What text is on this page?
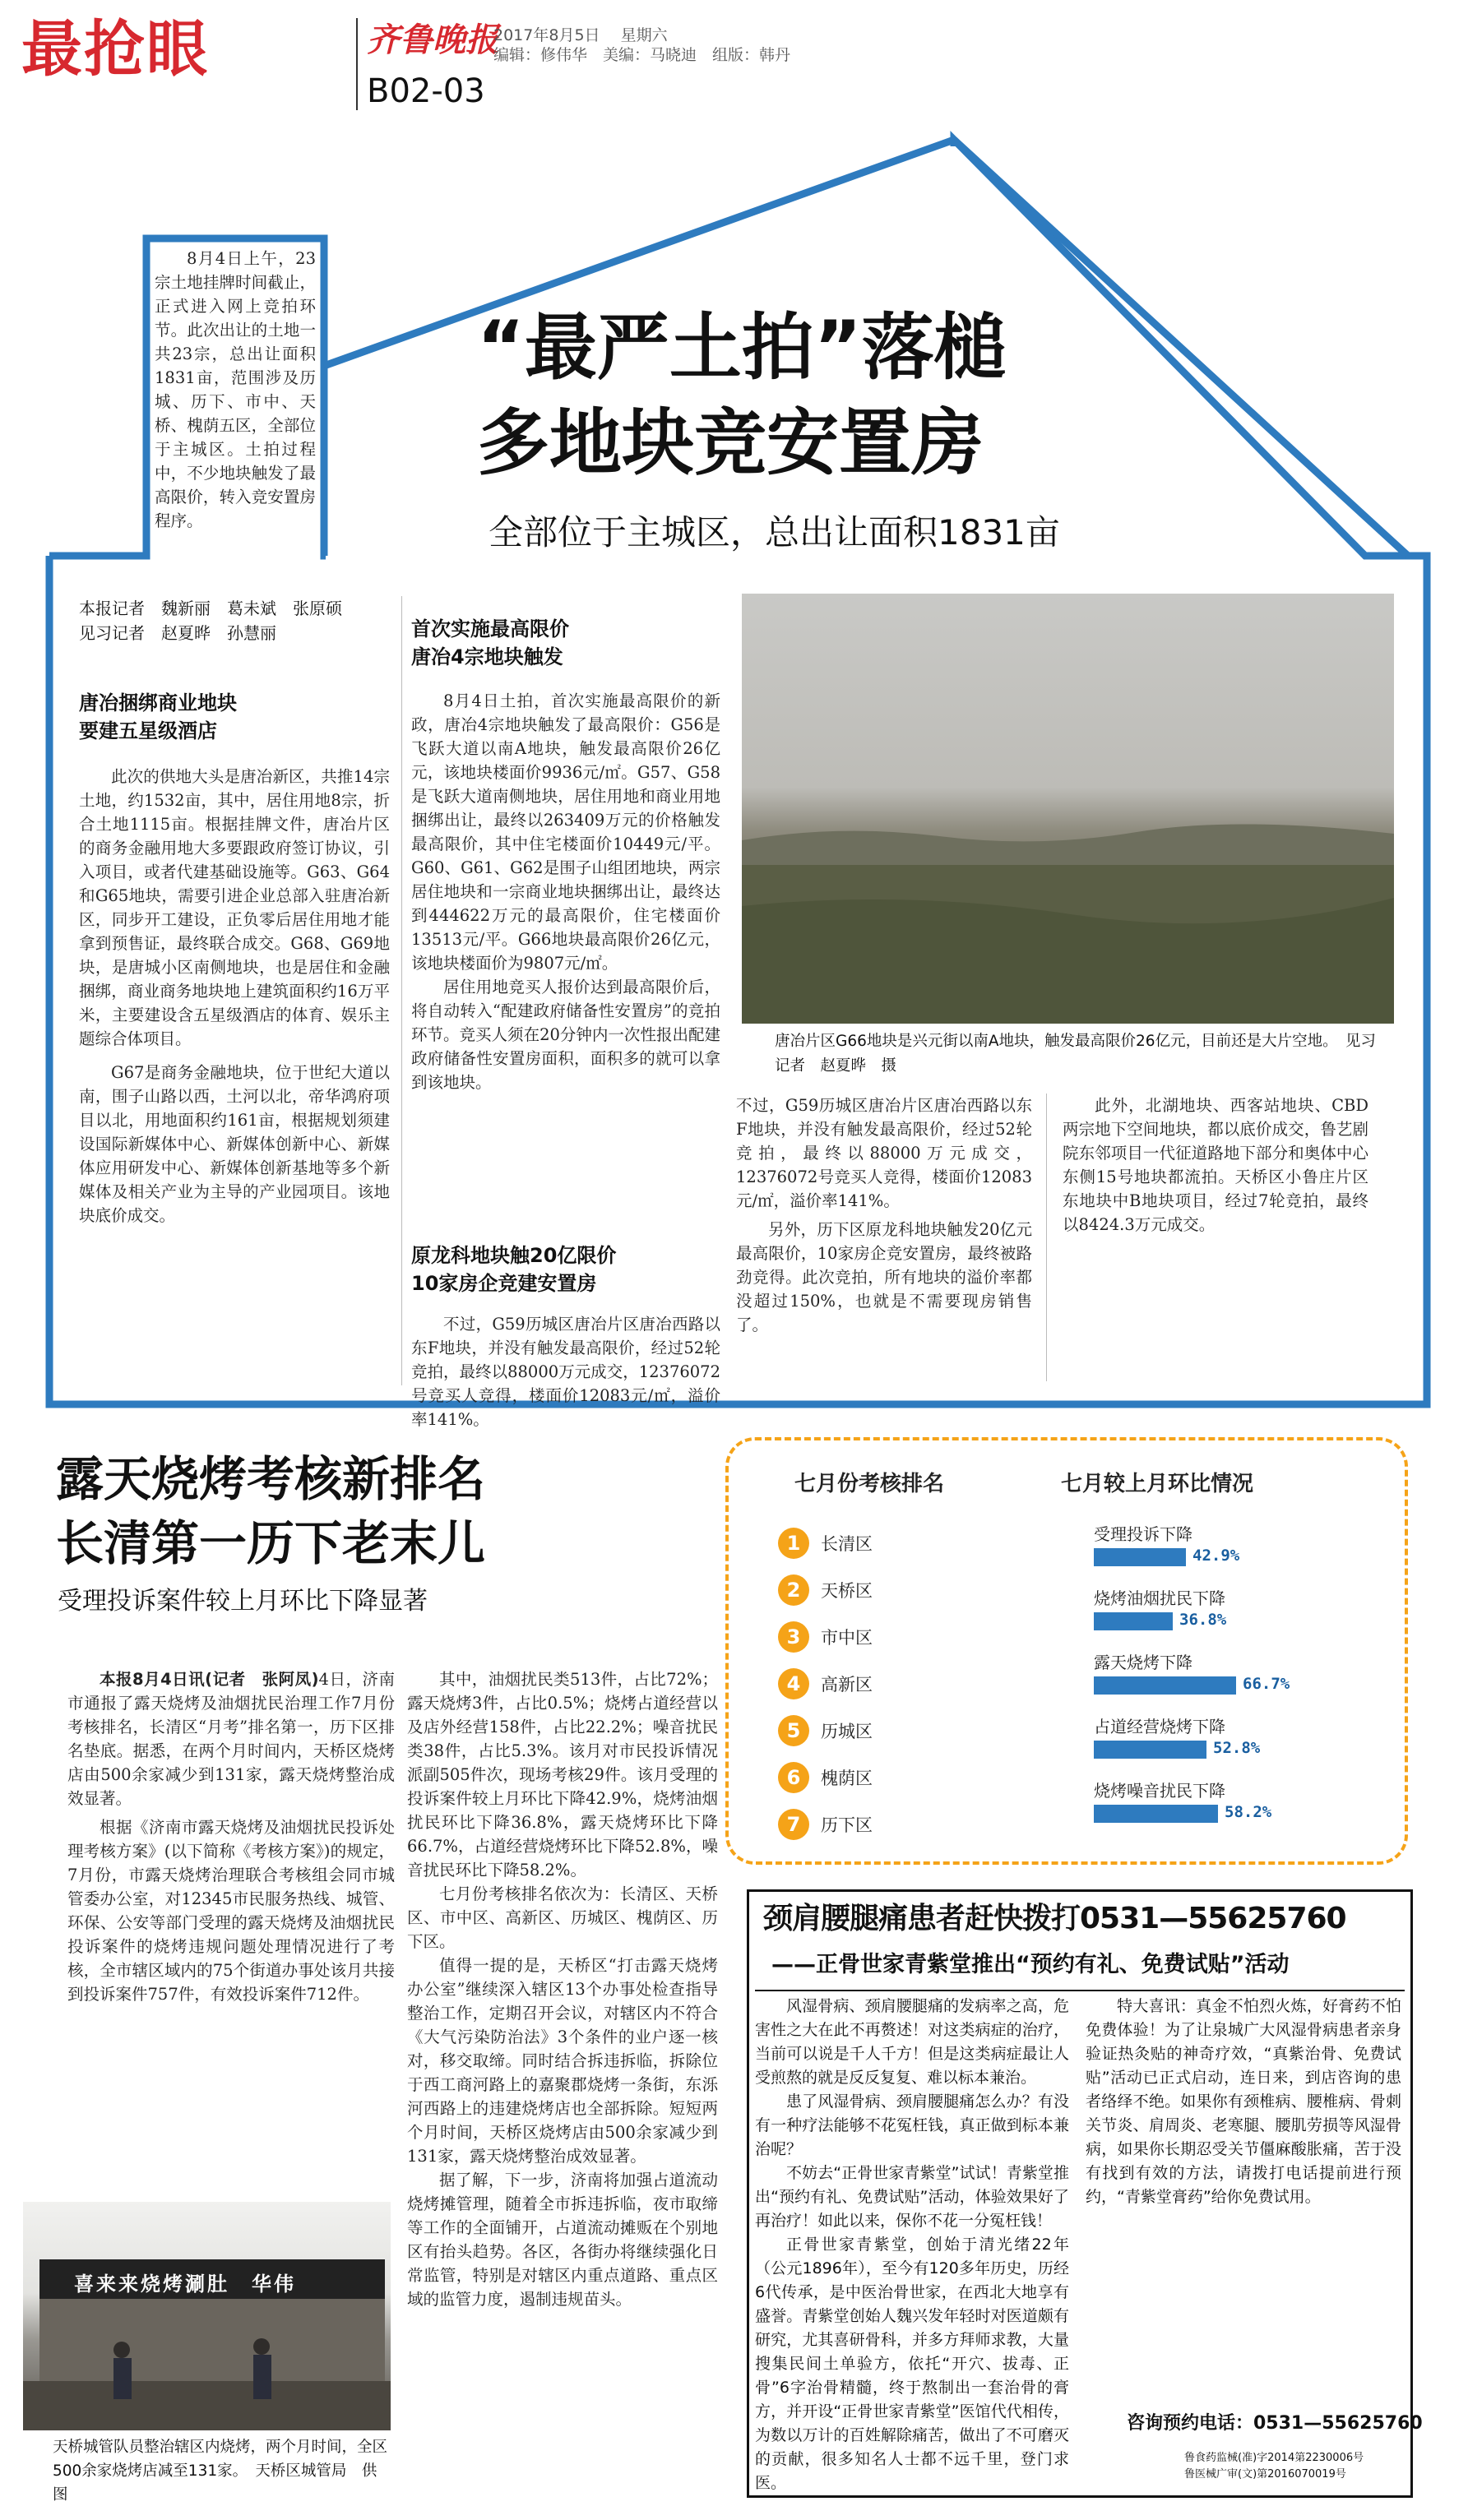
最抢眼
B02-03
齐鲁晚报
2017年8月5日　 星期六
编辑：修伟华　美编：马晓迪　组版：韩丹
8月4日上午，23宗土地挂牌时间截止，正式进入网上竞拍环节。此次出让的土地一共23宗，总出让面积1831亩，范围涉及历城、历下、市中、天桥、槐荫五区，全部位于主城区。土拍过程中，不少地块触发了最高限价，转入竞安置房程序。
“最严土拍”落槌
多地块竞安置房
全部位于主城区，总出让面积1831亩
本报记者　魏新丽　葛未斌　张原硕
见习记者　赵夏晔　孙慧丽
唐冶捆绑商业地块
要建五星级酒店

此次的供地大头是唐冶新区，共推14宗土地，约1532亩，其中，居住用地8宗，折合土地1115亩。根据挂牌文件，唐冶片区的商务金融用地大多要跟政府签订协议，引入项目，或者代建基础设施等。G63、G64和G65地块，需要引进企业总部入驻唐冶新区，同步开工建设，正负零后居住用地才能拿到预售证，最终联合成交。G68、G69地块，是唐城小区南侧地块，也是居住和金融捆绑，商业商务地块地上建筑面积约16万平米，主要建设含五星级酒店的体育、娱乐主题综合体项目。

G67是商务金融地块，位于世纪大道以南，围子山路以西，土河以北，帝华鸿府项目以北，用地面积约161亩，根据规划须建设国际新媒体中心、新媒体创新中心、新媒体应用研发中心、新媒体创新基地等多个新媒体及相关产业为主导的产业园项目。该地块底价成交。

首次实施最高限价
唐冶4宗地块触发

8月4日土拍，首次实施最高限价的新政，唐冶4宗地块触发了最高限价：G56是飞跃大道以南A地块，触发最高限价26亿元，该地块楼面价9936元/㎡。G57、G58是飞跃大道南侧地块，居住用地和商业用地捆绑出让，最终以263409万元的价格触发最高限价，其中住宅楼面价10449元/平。G60、G61、G62是围子山组团地块，两宗居住地块和一宗商业地块捆绑出让，最终达到444622万元的最高限价，住宅楼面价13513元/平。G66地块最高限价26亿元，该地块楼面价为9807元/㎡。

居住用地竞买人报价达到最高限价后，将自动转入“配建政府储备性安置房”的竞拍环节。竞买人须在20分钟内一次性报出配建政府储备性安置房面积，面积多的就可以拿到该地块。

原龙科地块触20亿限价
10家房企竞建安置房

不过，G59历城区唐冶片区唐冶西路以东F地块，并没有触发最高限价，经过52轮竞拍，最终以88000万元成交，12376072号竞买人竞得，楼面价12083元/㎡，溢价率141%。

唐冶片区G66地块是兴元街以南A地块，触发最高限价26亿元，目前还是大片空地。　见习记者　赵夏晔　摄

不过，G59历城区唐冶片区唐冶西路以东F地块，并没有触发最高限价，经过52轮竞拍，最终以88000万元成交，12376072号竞买人竞得，楼面价12083元/㎡，溢价率141%。

另外，历下区原龙科地块触发20亿元最高限价，10家房企竞安置房，最终被路劲竞得。此次竞拍，所有地块的溢价率都没超过150%，也就是不需要现房销售了。

此外，北湖地块、西客站地块、CBD两宗地下空间地块，都以底价成交，鲁艺剧院东邻项目一代征道路地下部分和奥体中心东侧15号地块都流拍。天桥区小鲁庄片区东地块中B地块项目，经过7轮竞拍，最终以8424.3万元成交。

露天烧烤考核新排名
长清第一历下老末儿
受理投诉案件较上月环比下降显著

本报8月4日讯(记者　张阿凤)4日，济南市通报了露天烧烤及油烟扰民治理工作7月份考核排名，长清区“月考”排名第一，历下区排名垫底。据悉，在两个月时间内，天桥区烧烤店由500余家减少到131家，露天烧烤整治成效显著。

根据《济南市露天烧烤及油烟扰民投诉处理考核方案》(以下简称《考核方案》)的规定，7月份，市露天烧烤治理联合考核组会同市城管委办公室，对12345市民服务热线、城管、环保、公安等部门受理的露天烧烤及油烟扰民投诉案件的烧烤违规问题处理情况进行了考核，全市辖区域内的75个街道办事处该月共接到投诉案件757件，有效投诉案件712件。

其中，油烟扰民类513件，占比72%；露天烧烤3件，占比0.5%；烧烤占道经营以及店外经营158件，占比22.2%；噪音扰民类38件，占比5.3%。该月对市民投诉情况派副505件次，现场考核29件。该月受理的投诉案件较上月环比下降42.9%，烧烤油烟扰民环比下降36.8%，露天烧烤环比下降66.7%，占道经营烧烤环比下降52.8%，噪音扰民环比下降58.2%。

七月份考核排名依次为：长清区、天桥区、市中区、高新区、历城区、槐荫区、历下区。

值得一提的是，天桥区“打击露天烧烤办公室”继续深入辖区13个办事处检查指导整治工作，定期召开会议，对辖区内不符合《大气污染防治法》3个条件的业户逐一核对，移交取缔。同时结合拆违拆临，拆除位于西工商河路上的嘉聚郡烧烤一条街，东泺河西路上的违建烧烤店也全部拆除。短短两个月时间，天桥区烧烤店由500余家减少到131家，露天烧烤整治成效显著。

据了解，下一步，济南将加强占道流动烧烤摊管理，随着全市拆违拆临，夜市取缔等工作的全面铺开，占道流动摊贩在个别地区有抬头趋势。各区，各街办将继续强化日常监管，特别是对辖区内重点道路、重点区域的监管力度，遏制违规苗头。

喜来来烧烤涮肚　华伟
天桥城管队员整治辖区内烧烤，两个月时间，全区500余家烧烤店减至131家。　天桥区城管局　供图
七月份考核排名	七月较上月环比情况
1	长清区
2	天桥区
3	市中区
4	高新区
5	历城区
6	槐荫区
7	历下区
受理投诉下降
42.9%
烧烤油烟扰民下降
36.8%
露天烧烤下降
66.7%
占道经营烧烤下降
52.8%
烧烤噪音扰民下降
58.2%
颈肩腰腿痛患者赶快拨打0531—55625760
——正骨世家青紫堂推出“预约有礼、免费试贴”活动

风湿骨病、颈肩腰腿痛的发病率之高，危害性之大在此不再赘述！对这类病症的治疗，当前可以说是千人千方！但是这类病症最让人受煎熬的就是反反复复、难以标本兼治。

患了风湿骨病、颈肩腰腿痛怎么办？有没有一种疗法能够不花冤枉钱，真正做到标本兼治呢？

不妨去“正骨世家青紫堂”试试！青紫堂推出“预约有礼、免费试贴”活动，体验效果好了再治疗！如此以来，保你不花一分冤枉钱！

正骨世家青紫堂，创始于清光绪22年（公元1896年），至今有120多年历史，历经6代传承，是中医治骨世家，在西北大地享有盛誉。青紫堂创始人魏兴发年轻时对医道颇有研究，尤其喜研骨科，并多方拜师求教，大量搜集民间土单验方，依托“开穴、拔毒、正骨”6字治骨精髓，终于熬制出一套治骨的膏方，并开设“正骨世家青紫堂”医馆代代相传，为数以万计的百姓解除痛苦，做出了不可磨灭的贡献，很多知名人士都不远千里，登门求医。

特大喜讯：真金不怕烈火炼，好膏药不怕免费体验！为了让泉城广大风湿骨病患者亲身验证热灸贴的神奇疗效，“真紫治骨、免费试贴”活动已正式启动，连日来，到店咨询的患者络绎不绝。如果你有颈椎病、腰椎病、骨刺关节炎、肩周炎、老寒腿、腰肌劳损等风湿骨病，如果你长期忍受关节僵麻酸胀痛，苦于没有找到有效的方法，请拨打电话提前进行预约，“青紫堂膏药”给你免费试用。

咨询预约电话：0531—55625760
鲁食药监械(准)字2014第2230006号
鲁医械广审(文)第2016070019号
